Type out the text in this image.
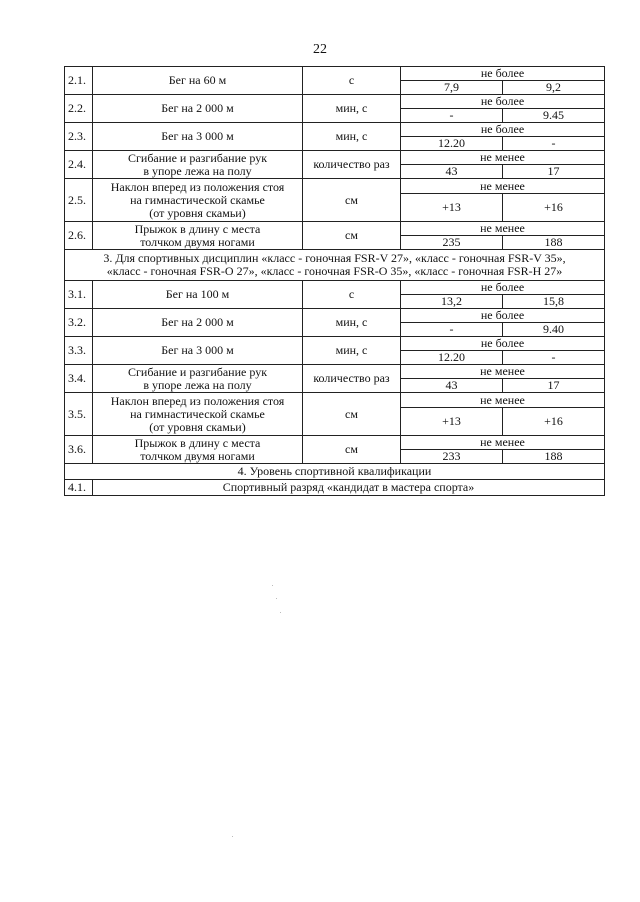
22
2.1.	Бег на 60 м	с	не более	
			7,9	9,2
2.2.	Бег на 2 000 м	мин, с	не более	
			-	9.45
2.3.	Бег на 3 000 м	мин, с	не более	
			12.20	-
2.4.	Сгибание и разгибание рук
в упоре лежа на полу	количество раз	не менее	
			43	17
2.5.	Наклон вперед из положения стоя
на гимнастической скамье
(от уровня скамьи)	см	не менее	
			+13	+16
2.6.	Прыжок в длину с места
толчком двумя ногами	см	не менее	
			235	188

3. Для спортивных дисциплин «класс - гоночная FSR-V 27», «класс - гоночная FSR-V 35»,
«класс - гоночная FSR-O 27», «класс - гоночная FSR-O 35», «класс - гоночная FSR-H 27»				

3.1.	Бег на 100 м	с	не более	
			13,2	15,8
3.2.	Бег на 2 000 м	мин, с	не более	
			-	9.40
3.3.	Бег на 3 000 м	мин, с	не более	
			12.20	-
3.4.	Сгибание и разгибание рук
в упоре лежа на полу	количество раз	не менее	
			43	17
3.5.	Наклон вперед из положения стоя
на гимнастической скамье
(от уровня скамьи)	см	не менее	
			+13	+16
3.6.	Прыжок в длину с места
толчком двумя ногами	см	не менее	
			233	188
4. Уровень спортивной квалификации				
4.1.	Спортивный разряд «кандидат в мастера спорта»			
